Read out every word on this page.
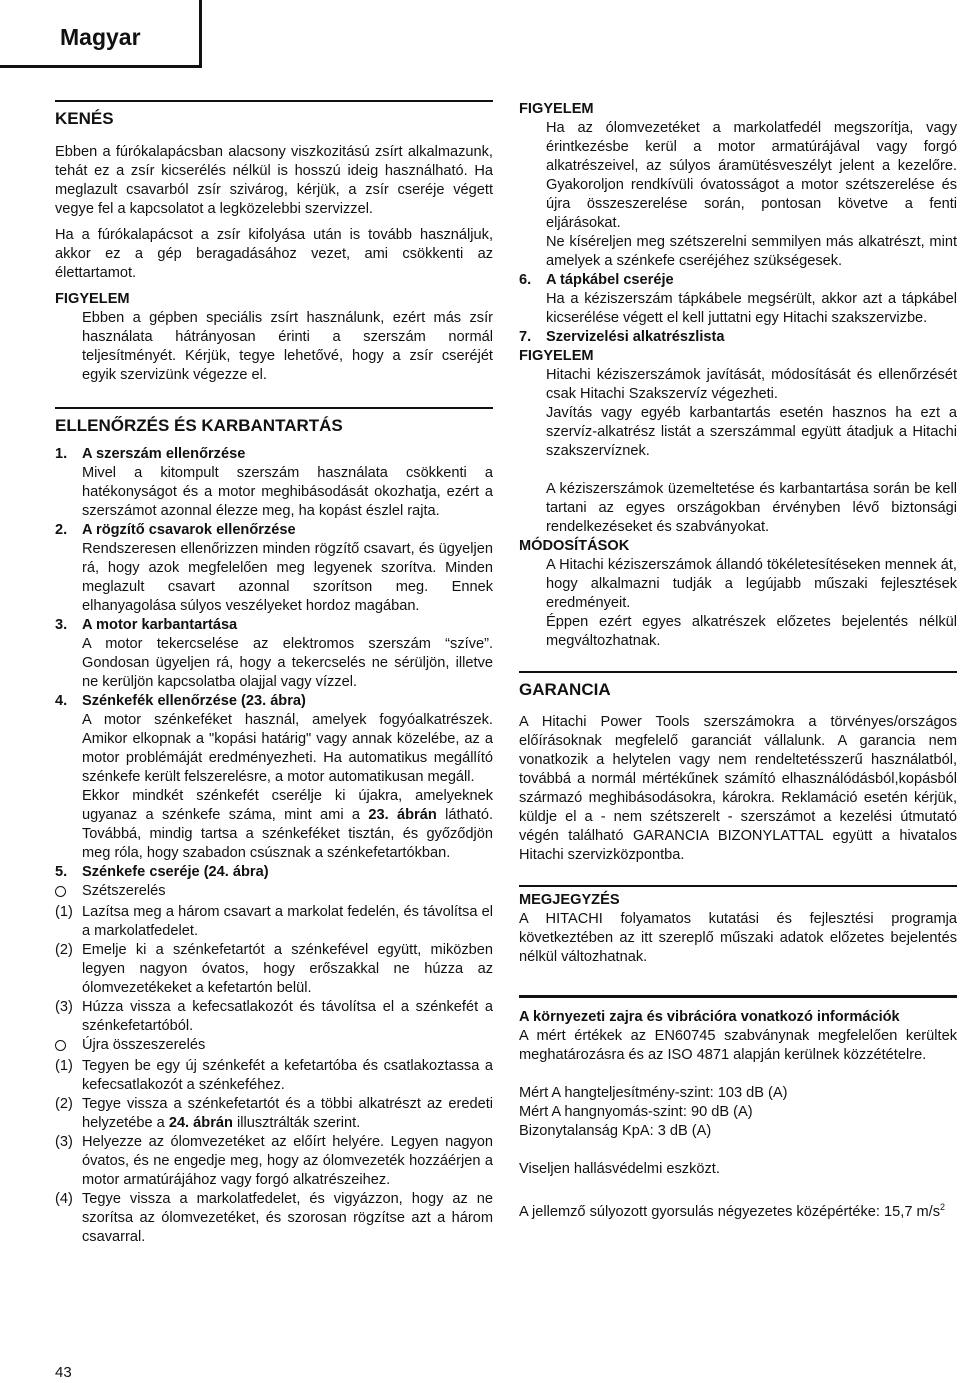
Magyar
KENÉS

Ebben a fúrókalapácsban alacsony viszkozitású zsírt alkalmazunk, tehát ez a zsír kicserélés nélkül is hosszú ideig használható. Ha meglazult csavarból zsír szivárog, kérjük, a zsír cseréje végett vegye fel a kapcsolatot a legközelebbi szervizzel.

Ha a fúrókalapácsot a zsír kifolyása után is tovább használjuk, akkor ez a gép beragadásához vezet, ami csökkenti az élettartamot.

FIGYELEM

Ebben a gépben speciális zsírt használunk, ezért más zsír használata hátrányosan érinti a szerszám normál teljesítményét. Kérjük, tegye lehetővé, hogy a zsír cseréjét egyik szervizünk végezze el.

ELLENŐRZÉS ÉS KARBANTARTÁS
1.	A szerszám ellenőrzése

Mivel a kitompult szerszám használata csökkenti a hatékonyságot és a motor meghibásodását okozhatja, ezért a szerszámot azonnal élezze meg, ha kopást észlel rajta.

2.	A rögzítő csavarok ellenőrzése

Rendszeresen ellenőrizzen minden rögzítő csavart, és ügyeljen rá, hogy azok megfelelően meg legyenek szorítva. Minden meglazult csavart azonnal szorítson meg. Ennek elhanyagolása súlyos veszélyeket hordoz magában.

3.	A motor karbantartása

A motor tekercselése az elektromos szerszám “szíve”. Gondosan ügyeljen rá, hogy a tekercselés ne sérüljön, illetve ne kerüljön kapcsolatba olajjal vagy vízzel.

4.	Szénkefék ellenőrzése (23. ábra)

A motor szénkeféket használ, amelyek fogyóalkatrészek. Amikor elkopnak a "kopási határig" vagy annak közelébe, az a motor problémáját eredményezheti. Ha automatikus megállító szénkefe került felszerelésre, a motor automatikusan megáll.

Ekkor mindkét szénkefét cserélje ki újakra, amelyeknek ugyanaz a szénkefe száma, mint ami a 23. ábrán látható. Továbbá, mindig tartsa a szénkeféket tisztán, és győződjön meg róla, hogy szabadon csúsznak a szénkefetartókban.

5.	Szénkefe cseréje (24. ábra)
Szétszerelés
(1) Lazítsa meg a három csavart a markolat fedelén, és távolítsa el a markolatfedelet.
(2) Emelje ki a szénkefetartót a szénkefével együtt, miközben legyen nagyon óvatos, hogy erőszakkal ne húzza az ólomvezetékeket a kefetartón belül.
(3) Húzza vissza a kefecsatlakozót és távolítsa el a szénkefét a szénkefetartóból.
Újra összeszerelés
(1) Tegyen be egy új szénkefét a kefetartóba és csatlakoztassa a kefecsatlakozót a szénkeféhez.
(2) Tegye vissza a szénkefetartót és a többi alkatrészt az eredeti helyzetébe a 24. ábrán illusztrálták szerint.
(3) Helyezze az ólomvezetéket az előírt helyére. Legyen nagyon óvatos, és ne engedje meg, hogy az ólomvezeték hozzáérjen a motor armatúrájához vagy forgó alkatrészeihez.
(4) Tegye vissza a markolatfedelet, és vigyázzon, hogy az ne szorítsa az ólomvezetéket, és szorosan rögzítse azt a három csavarral.
FIGYELEM

Ha az ólomvezetéket a markolatfedél megszorítja, vagy érintkezésbe kerül a motor armatúrájával vagy forgó alkatrészeivel, az súlyos áramütésveszélyt jelent a kezelőre. Gyakoroljon rendkívüli óvatosságot a motor szétszerelése és újra összeszerelése során, pontosan követve a fenti eljárásokat.

Ne kíséreljen meg szétszerelni semmilyen más alkatrészt, mint amelyek a szénkefe cseréjéhez szükségesek.

6.	A tápkábel cseréje

Ha a kéziszerszám tápkábele megsérült, akkor azt a tápkábel kicserélése végett el kell juttatni egy Hitachi szakszervizbe.

7.	Szervizelési alkatrészlista
FIGYELEM

Hitachi kéziszerszámok javítását, módosítását és ellenőrzését csak Hitachi Szakszervíz végezheti.

Javítás vagy egyéb karbantartás esetén hasznos ha ezt a szervíz-alkatrész listát a szerszámmal együtt átadjuk a Hitachi szakszervíznek.

A kéziszerszámok üzemeltetése és karbantartása során be kell tartani az egyes országokban érvényben lévő biztonsági rendelkezéseket és szabványokat.

MÓDOSÍTÁSOK

A Hitachi kéziszerszámok állandó tökéletesítéseken mennek át, hogy alkalmazni tudják a legújabb műszaki fejlesztések eredményeit.

Éppen ezért egyes alkatrészek előzetes bejelentés nélkül megváltozhatnak.

GARANCIA

A Hitachi Power Tools szerszámokra a törvényes/országos előírásoknak megfelelő garanciát vállalunk. A garancia nem vonatkozik a helytelen vagy nem rendeltetésszerű használatból, továbbá a normál mértékűnek számító elhasználódásból,kopásból származó meghibásodásokra, károkra. Reklamáció esetén kérjük, küldje el a - nem szétszerelt - szerszámot a kezelési útmutató végén található GARANCIA BIZONYLATTAL együtt a hivatalos Hitachi szervizközpontba.

MEGJEGYZÉS

A HITACHI folyamatos kutatási és fejlesztési programja következtében az itt szereplő műszaki adatok előzetes bejelentés nélkül változhatnak.

A környezeti zajra és vibrációra vonatkozó információk

A mért értékek az EN60745 szabványnak megfelelően kerültek meghatározásra és az ISO 4871 alapján kerülnek közzétételre.

Mért A hangteljesítmény-szint: 103 dB (A)
Mért A hangnyomás-szint: 90 dB (A)
Bizonytalanság KpA: 3 dB (A)
Viseljen hallásvédelmi eszközt.

A jellemző súlyozott gyorsulás négyezetes középértéke: 15,7 $m/s^2$

43
